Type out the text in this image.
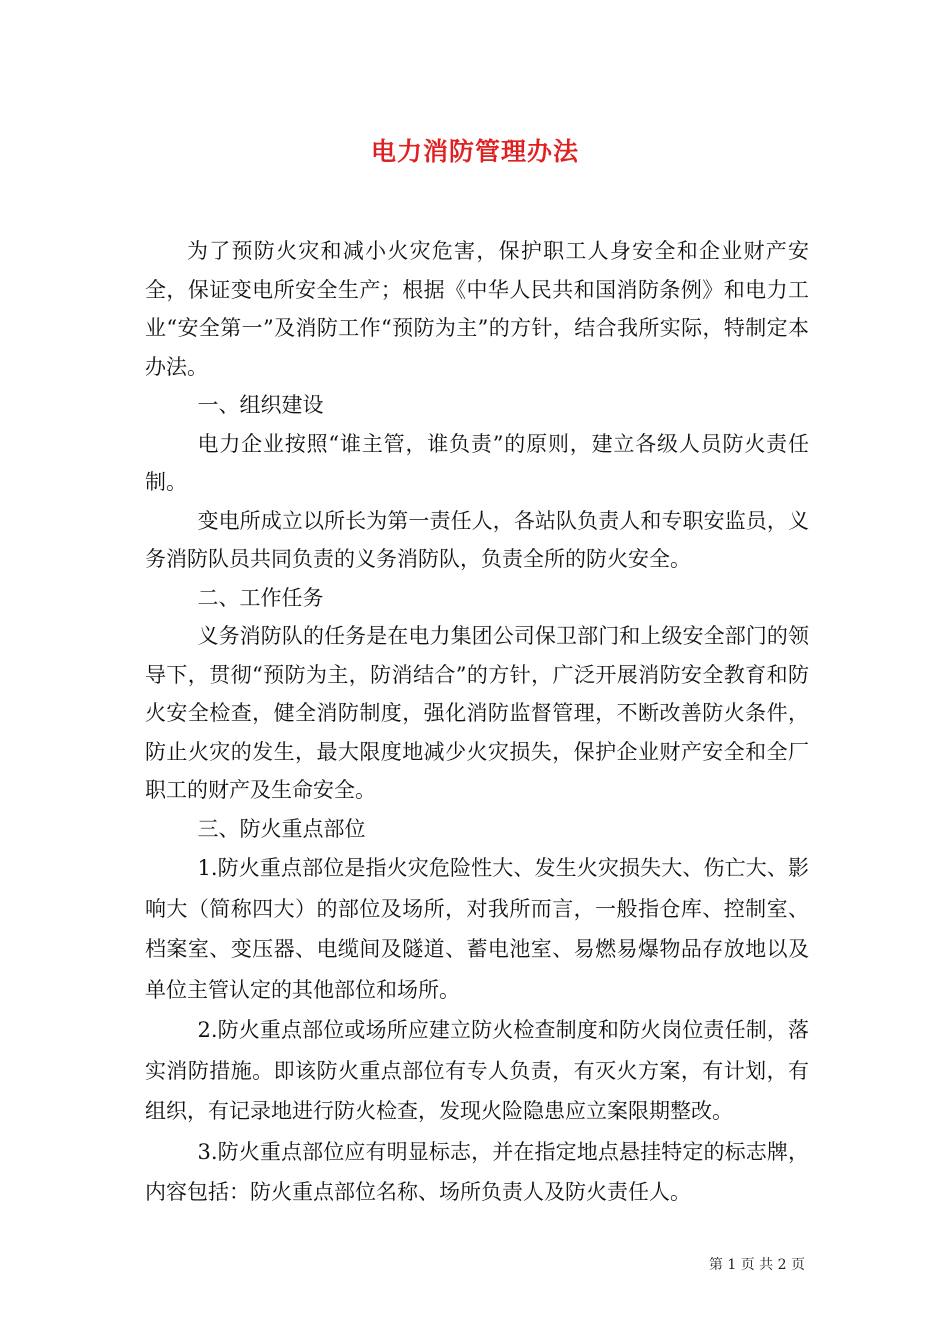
电力消防管理办法

为了预防火灾和减小火灾危害，保护职工人身安全和企业财产安全，保证变电所安全生产；根据《中华人民共和国消防条例》和电力工业“安全第一”及消防工作“预防为主”的方针，结合我所实际，特制定本办法。

一、组织建设

电力企业按照“谁主管，谁负责”的原则，建立各级人员防火责任制。

变电所成立以所长为第一责任人，各站队负责人和专职安监员，义务消防队员共同负责的义务消防队，负责全所的防火安全。

二、工作任务

义务消防队的任务是在电力集团公司保卫部门和上级安全部门的领导下，贯彻“预防为主，防消结合”的方针，广泛开展消防安全教育和防火安全检查，健全消防制度，强化消防监督管理，不断改善防火条件，防止火灾的发生，最大限度地减少火灾损失，保护企业财产安全和全厂职工的财产及生命安全。

三、防火重点部位

1.防火重点部位是指火灾危险性大、发生火灾损失大、伤亡大、影响大（简称四大）的部位及场所，对我所而言，一般指仓库、控制室、档案室、变压器、电缆间及隧道、蓄电池室、易燃易爆物品存放地以及单位主管认定的其他部位和场所。

2.防火重点部位或场所应建立防火检查制度和防火岗位责任制，落实消防措施。即该防火重点部位有专人负责，有灭火方案，有计划，有组织，有记录地进行防火检查，发现火险隐患应立案限期整改。

3.防火重点部位应有明显标志，并在指定地点悬挂特定的标志牌，内容包括：防火重点部位名称、场所负责人及防火责任人。

第 1 页 共 2 页
